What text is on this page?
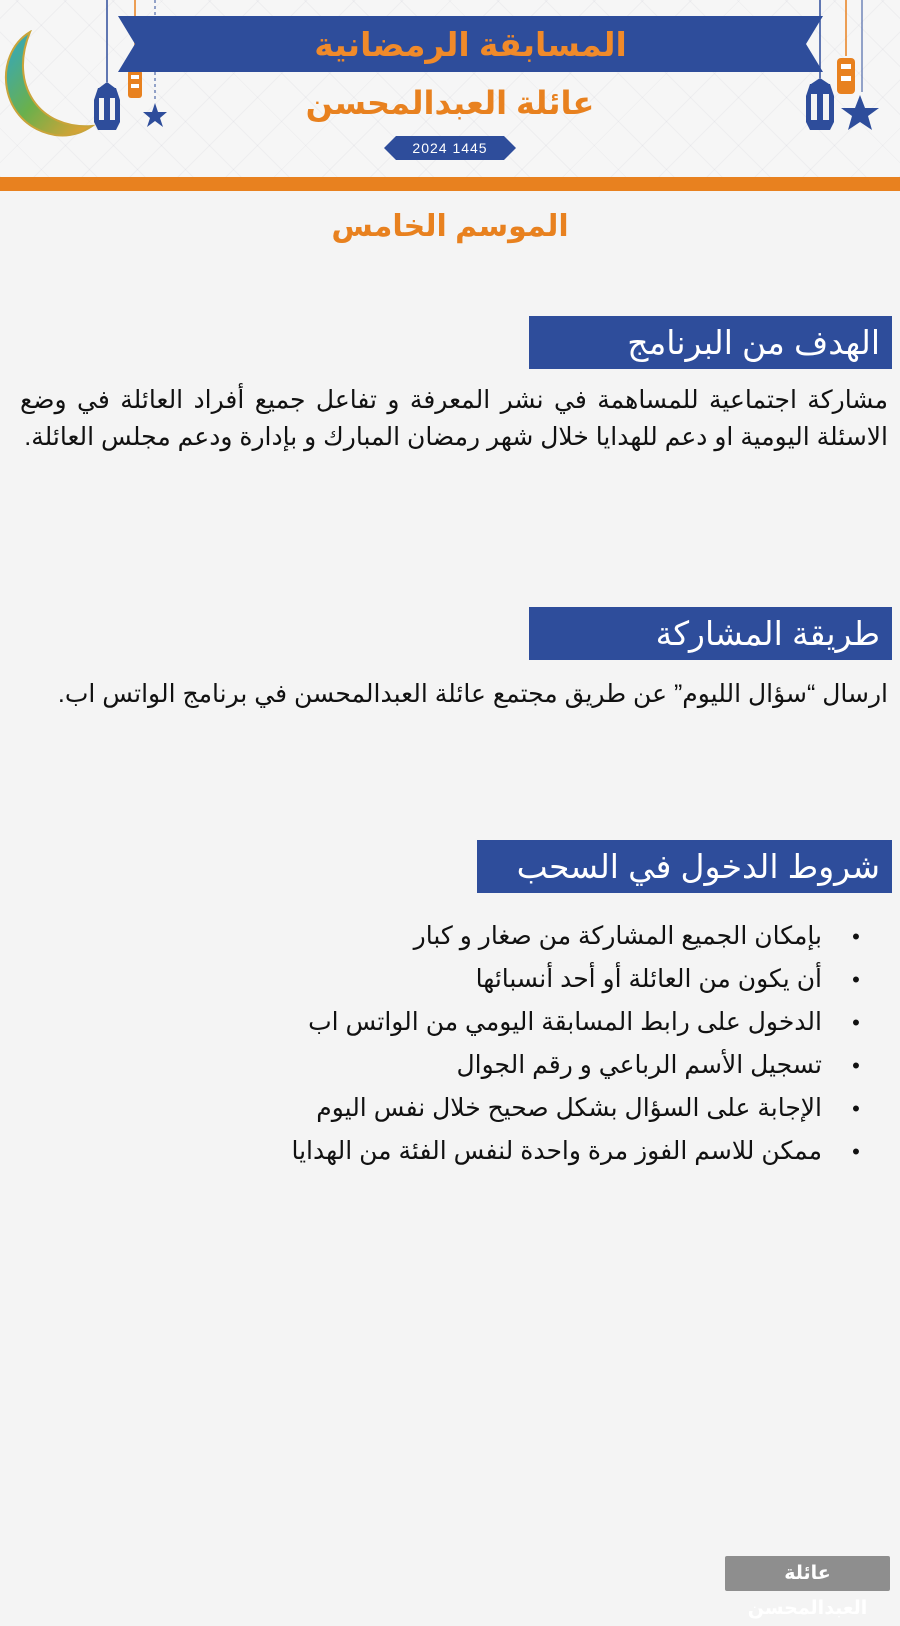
المسابقة الرمضانية
عائلة العبدالمحسن
2024 1445
الموسم الخامس
الهدف من البرنامج
مشاركة اجتماعية للمساهمة في نشر المعرفة و تفاعل جميع أفراد العائلة في وضع الاسئلة اليومية او دعم للهدايا خلال شهر رمضان المبارك و بإدارة ودعم مجلس العائلة.
طريقة المشاركة
ارسال “سؤال الليوم” عن طريق مجتمع عائلة العبدالمحسن في برنامج الواتس اب.
شروط الدخول في السحب
•
بإمكان الجميع المشاركة من صغار و كبار
•
أن يكون من العائلة أو أحد أنسبائها
•
الدخول على رابط المسابقة اليومي من الواتس اب
•
تسجيل الأسم الرباعي و رقم الجوال
•
الإجابة على السؤال بشكل صحيح خلال نفس اليوم
•
ممكن للاسم الفوز مرة واحدة لنفس الفئة من الهدايا
عائلة العبدالمحسن
